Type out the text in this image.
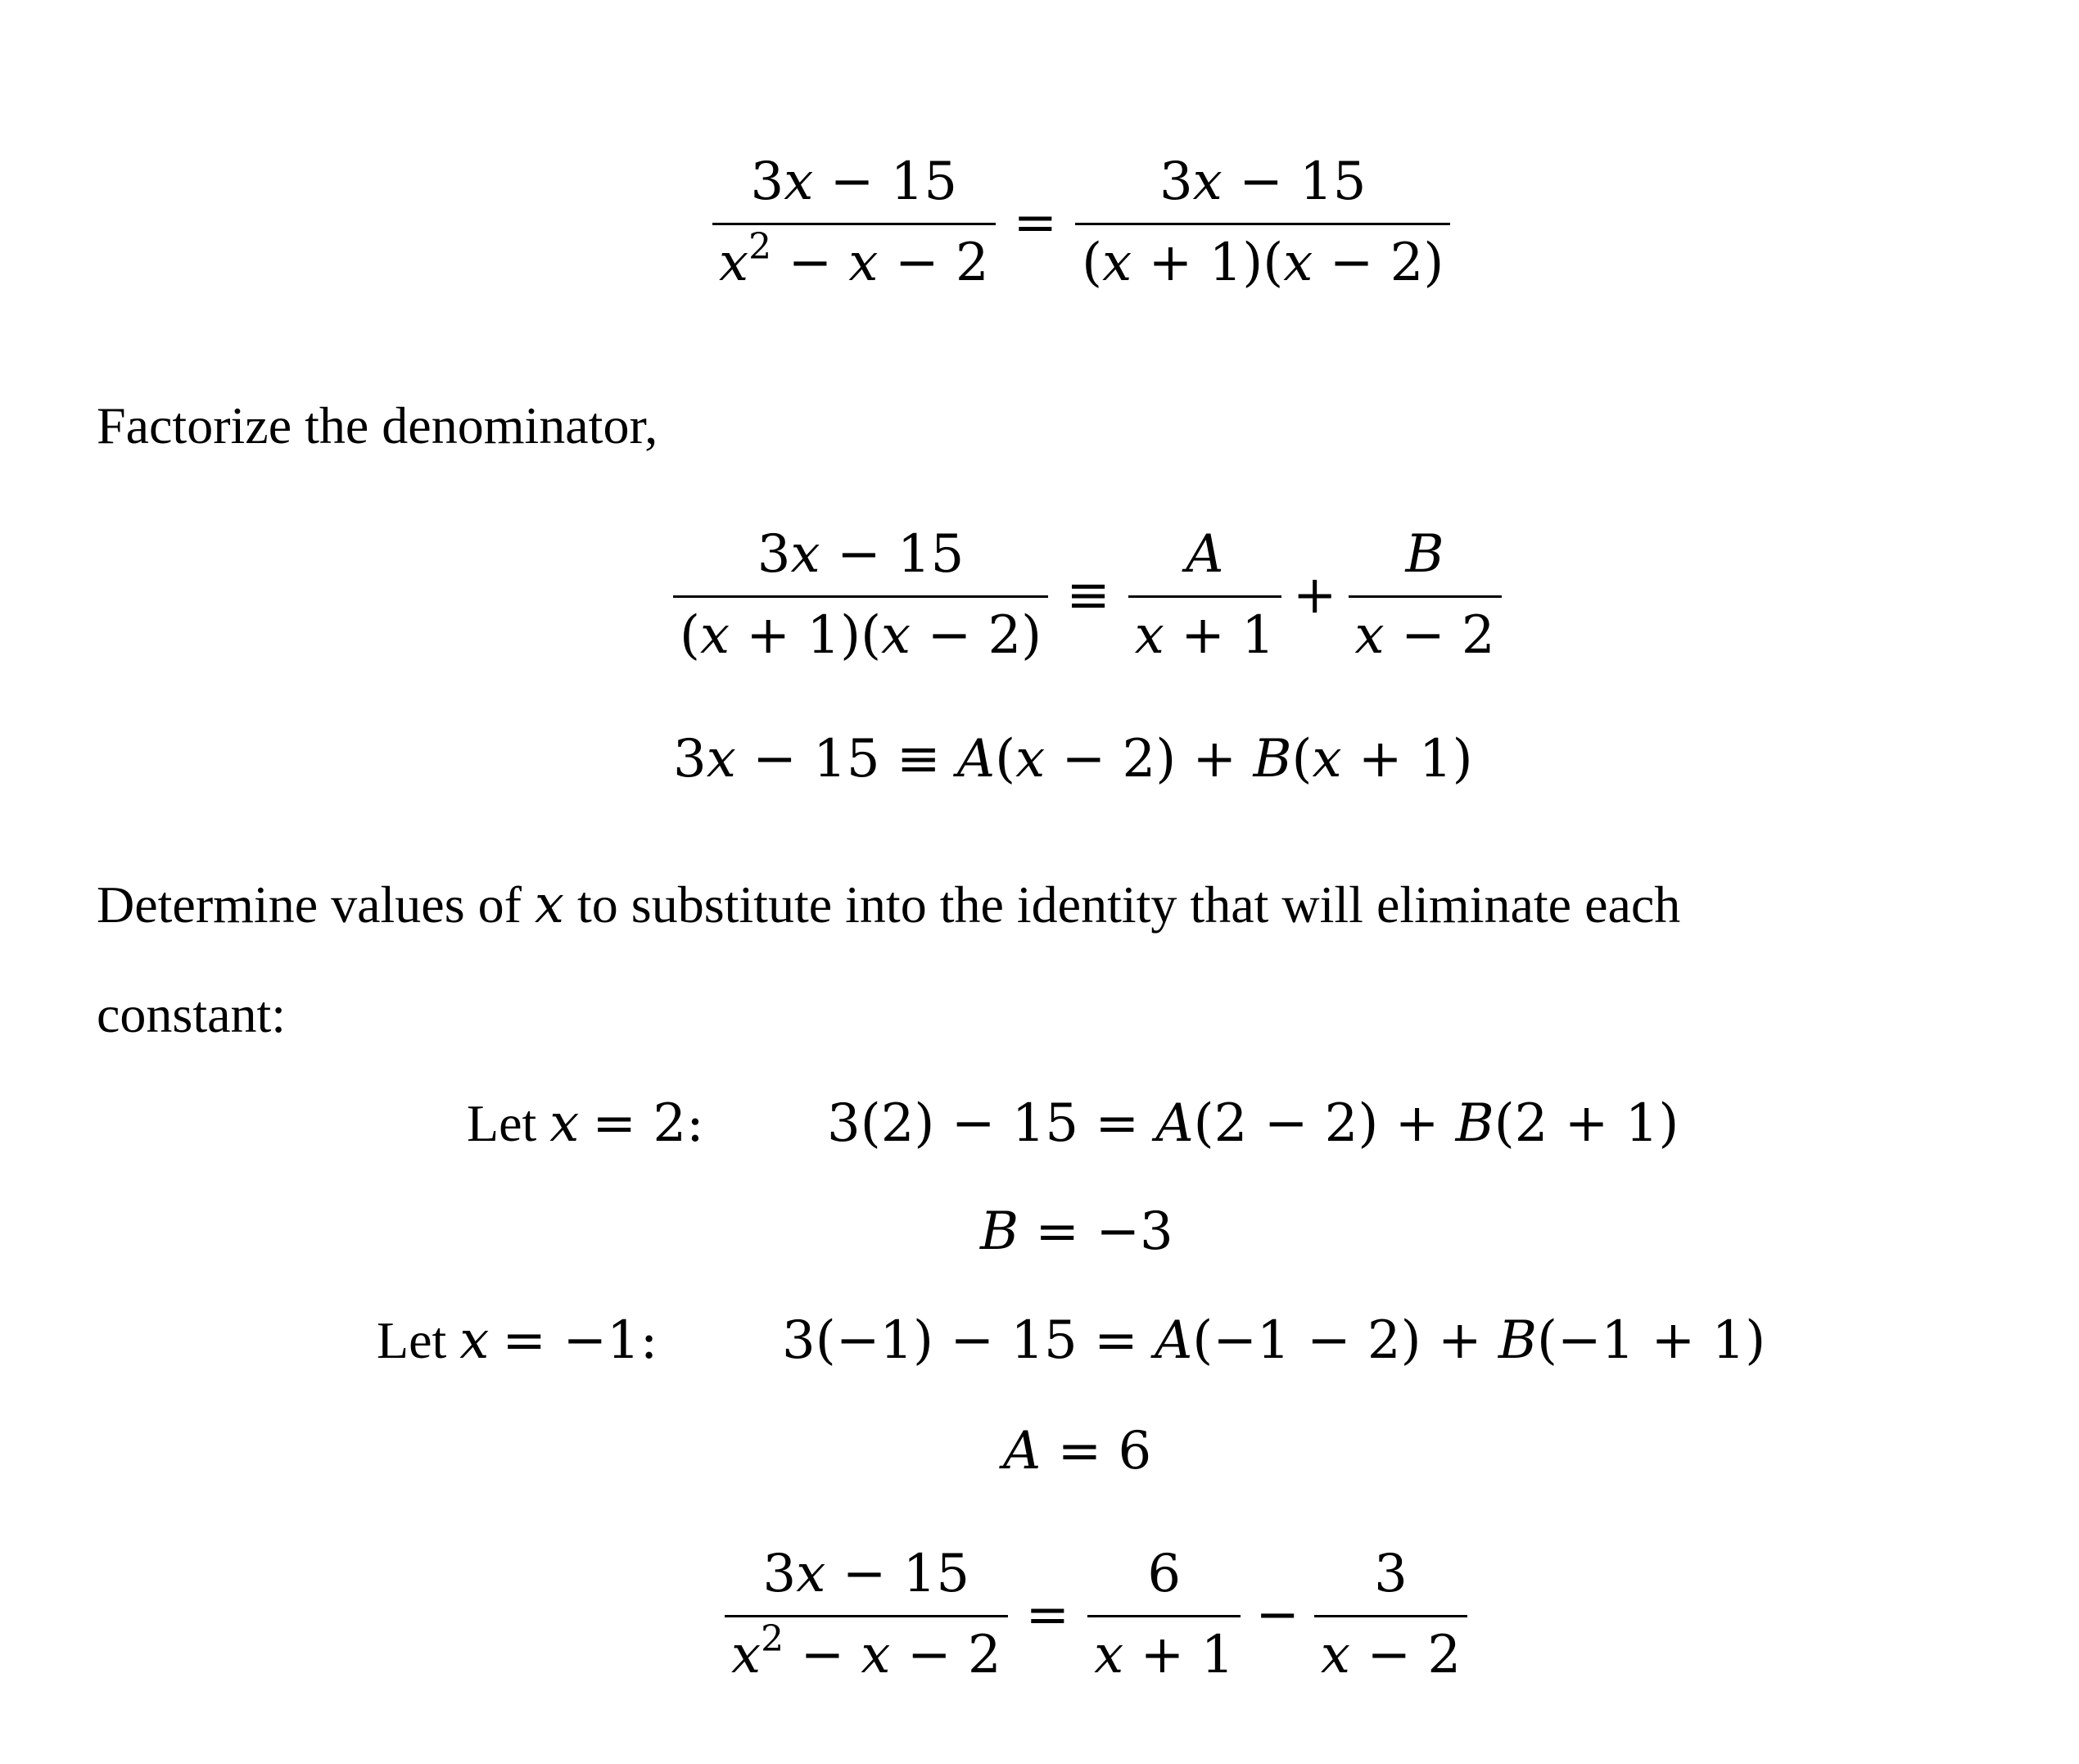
$\frac{3x - 15}{x^2 - x - 2} = \frac{3x - 15}{(x + 1)(x - 2)}$
Factorize the denominator,
$\frac{3x - 15}{(x + 1)(x - 2)} \equiv \frac{A}{x + 1} + \frac{B}{x - 2}$
3x − 15 ≡ A(x − 2) + B(x + 1)
Determine values of x to substitute into the identity that will eliminate each
constant:
Let x = 2: 3(2) − 15 = A(2 − 2) + B(2 + 1)
B = −3
Let x = −1: 3(−1) − 15 = A(−1 − 2) + B(−1 + 1)
A = 6
$\frac{3x - 15}{x^2 - x - 2} = \frac{6}{x + 1} - \frac{3}{x - 2}$
